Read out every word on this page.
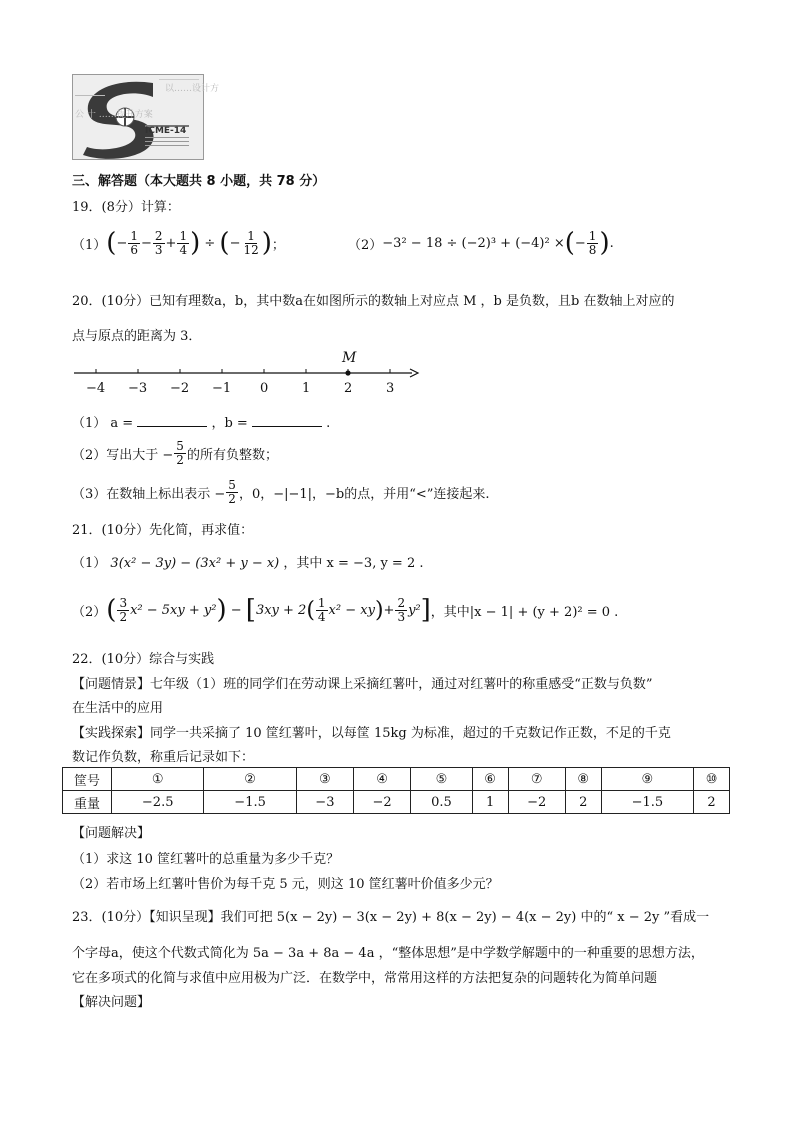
ICME-14
以……设计方
公 十 ……提升方案
三、解答题（本大题共 8 小题，共 78 分）
19．(8分）计算：
（1） ( − $\frac{1}{6} - \frac{2}{3} + \frac{1}{4}$ ) ÷ ( − $\frac{1}{12}$ ) ；	（2） −3² − 18 ÷ (−2)³ + (−4)² × ( − $\frac{1}{8}$ ) .
20．(10分）已知有理数a，b，其中数a在如图所示的数轴上对应点 M ，b 是负数，且b 在数轴上对应的
点与原点的距离为 3．
M
−4 −3 −2 −1 0	1	2	3
（1） a =	，b =	.
（2）写出大于 − $\frac{5}{2}$ 的所有负整数；
（3）在数轴上标出表示 − $\frac{5}{2}$ ，0，−|−1|，−b的点，并用“<”连接起来.
21．(10分）先化简，再求值：
（1） 3(x² − 3y) − (3x² + y − x) ，其中 x = −3, y = 2 .
（2） ( $\frac{3}{2} x^2 - 5xy + y^2$ ) − [ 3xy + 2 ( $\frac{1}{4} x^2$ − xy ) + $\frac{2}{3} y^2$ ] ，其中|x − 1| + (y + 2)² = 0 .
22．(10分）综合与实践
【问题情景】七年级（1）班的同学们在劳动课上采摘红薯叶，通过对红薯叶的称重感受“正数与负数”
在生活中的应用
【实践探索】同学一共采摘了 10 筐红薯叶，以每筐 15kg 为标准，超过的千克数记作正数，不足的千克
数记作负数，称重后记录如下：
筐号	①	②	③	④	⑤	⑥	⑦	⑧	⑨	⑩
重量	−2.5	−1.5	−3	−2	0.5	1	−2	2	−1.5	2
【问题解决】
（1）求这 10 筐红薯叶的总重量为多少千克？
（2）若市场上红薯叶售价为每千克 5 元，则这 10 筐红薯叶价值多少元？
23．(10分）【知识呈现】我们可把 5(x − 2y) − 3(x − 2y) + 8(x − 2y) − 4(x − 2y) 中的“ x − 2y ”看成一
个字母a，使这个代数式简化为 5a − 3a + 8a − 4a ，“整体思想”是中学数学解题中的一种重要的思想方法，
它在多项式的化简与求值中应用极为广泛．在数学中，常常用这样的方法把复杂的问题转化为简单问题
【解决问题】
